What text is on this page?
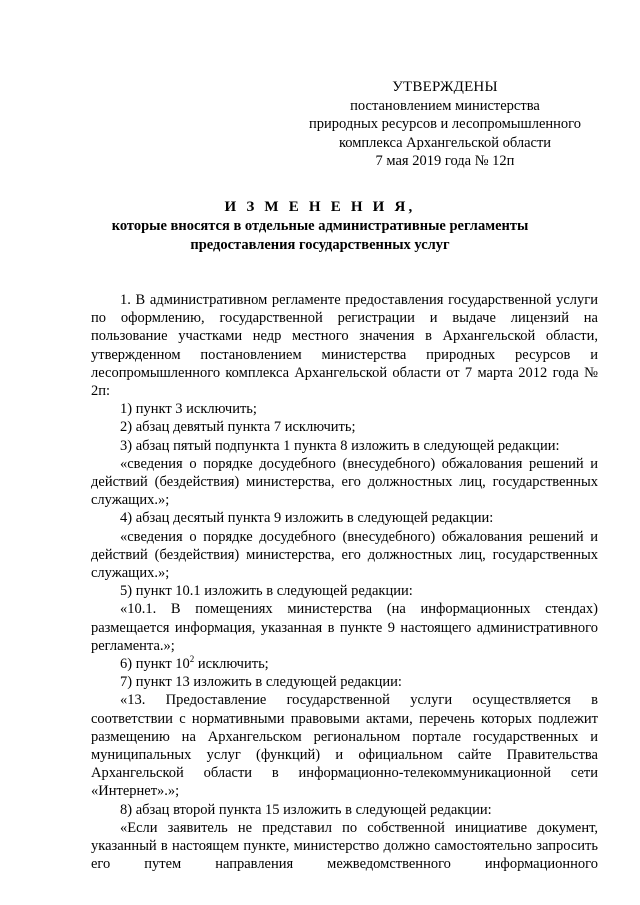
УТВЕРЖДЕНЫ
постановлением министерства
природных ресурсов и лесопромышленного
комплекса Архангельской области
7 мая 2019 года № 12п
И З М Е Н Е Н И Я,
которые вносятся в отдельные административные регламенты
предоставления государственных услуг

1. В административном регламенте предоставления государственной услуги по оформлению, государственной регистрации и выдаче лицензий на пользование участками недр местного значения в Архангельской области, утвержденном постановлением министерства природных ресурсов и лесопромышленного комплекса Архангельской области от 7 марта 2012 года № 2п:

1) пункт 3 исключить;

2) абзац девятый пункта 7 исключить;

3) абзац пятый подпункта 1 пункта 8 изложить в следующей редакции:

«сведения о порядке досудебного (внесудебного) обжалования решений и действий (бездействия) министерства, его должностных лиц, государственных служащих.»;

4) абзац десятый пункта 9 изложить в следующей редакции:

«сведения о порядке досудебного (внесудебного) обжалования решений и действий (бездействия) министерства, его должностных лиц, государственных служащих.»;

5) пункт 10.1 изложить в следующей редакции:

«10.1. В помещениях министерства (на информационных стендах) размещается информация, указанная в пункте 9 настоящего административного регламента.»;

6) пункт $10^2$ исключить;

7) пункт 13 изложить в следующей редакции:

«13. Предоставление государственной услуги осуществляется в соответствии с нормативными правовыми актами, перечень которых подлежит размещению на Архангельском региональном портале государственных и муниципальных услуг (функций) и официальном сайте Правительства Архангельской области в информационно-телекоммуникационной сети «Интернет».»;

8) абзац второй пункта 15 изложить в следующей редакции:

«Если заявитель не представил по собственной инициативе документ, указанный в настоящем пункте, министерство должно самостоятельно запросить его путем направления межведомственного информационного
